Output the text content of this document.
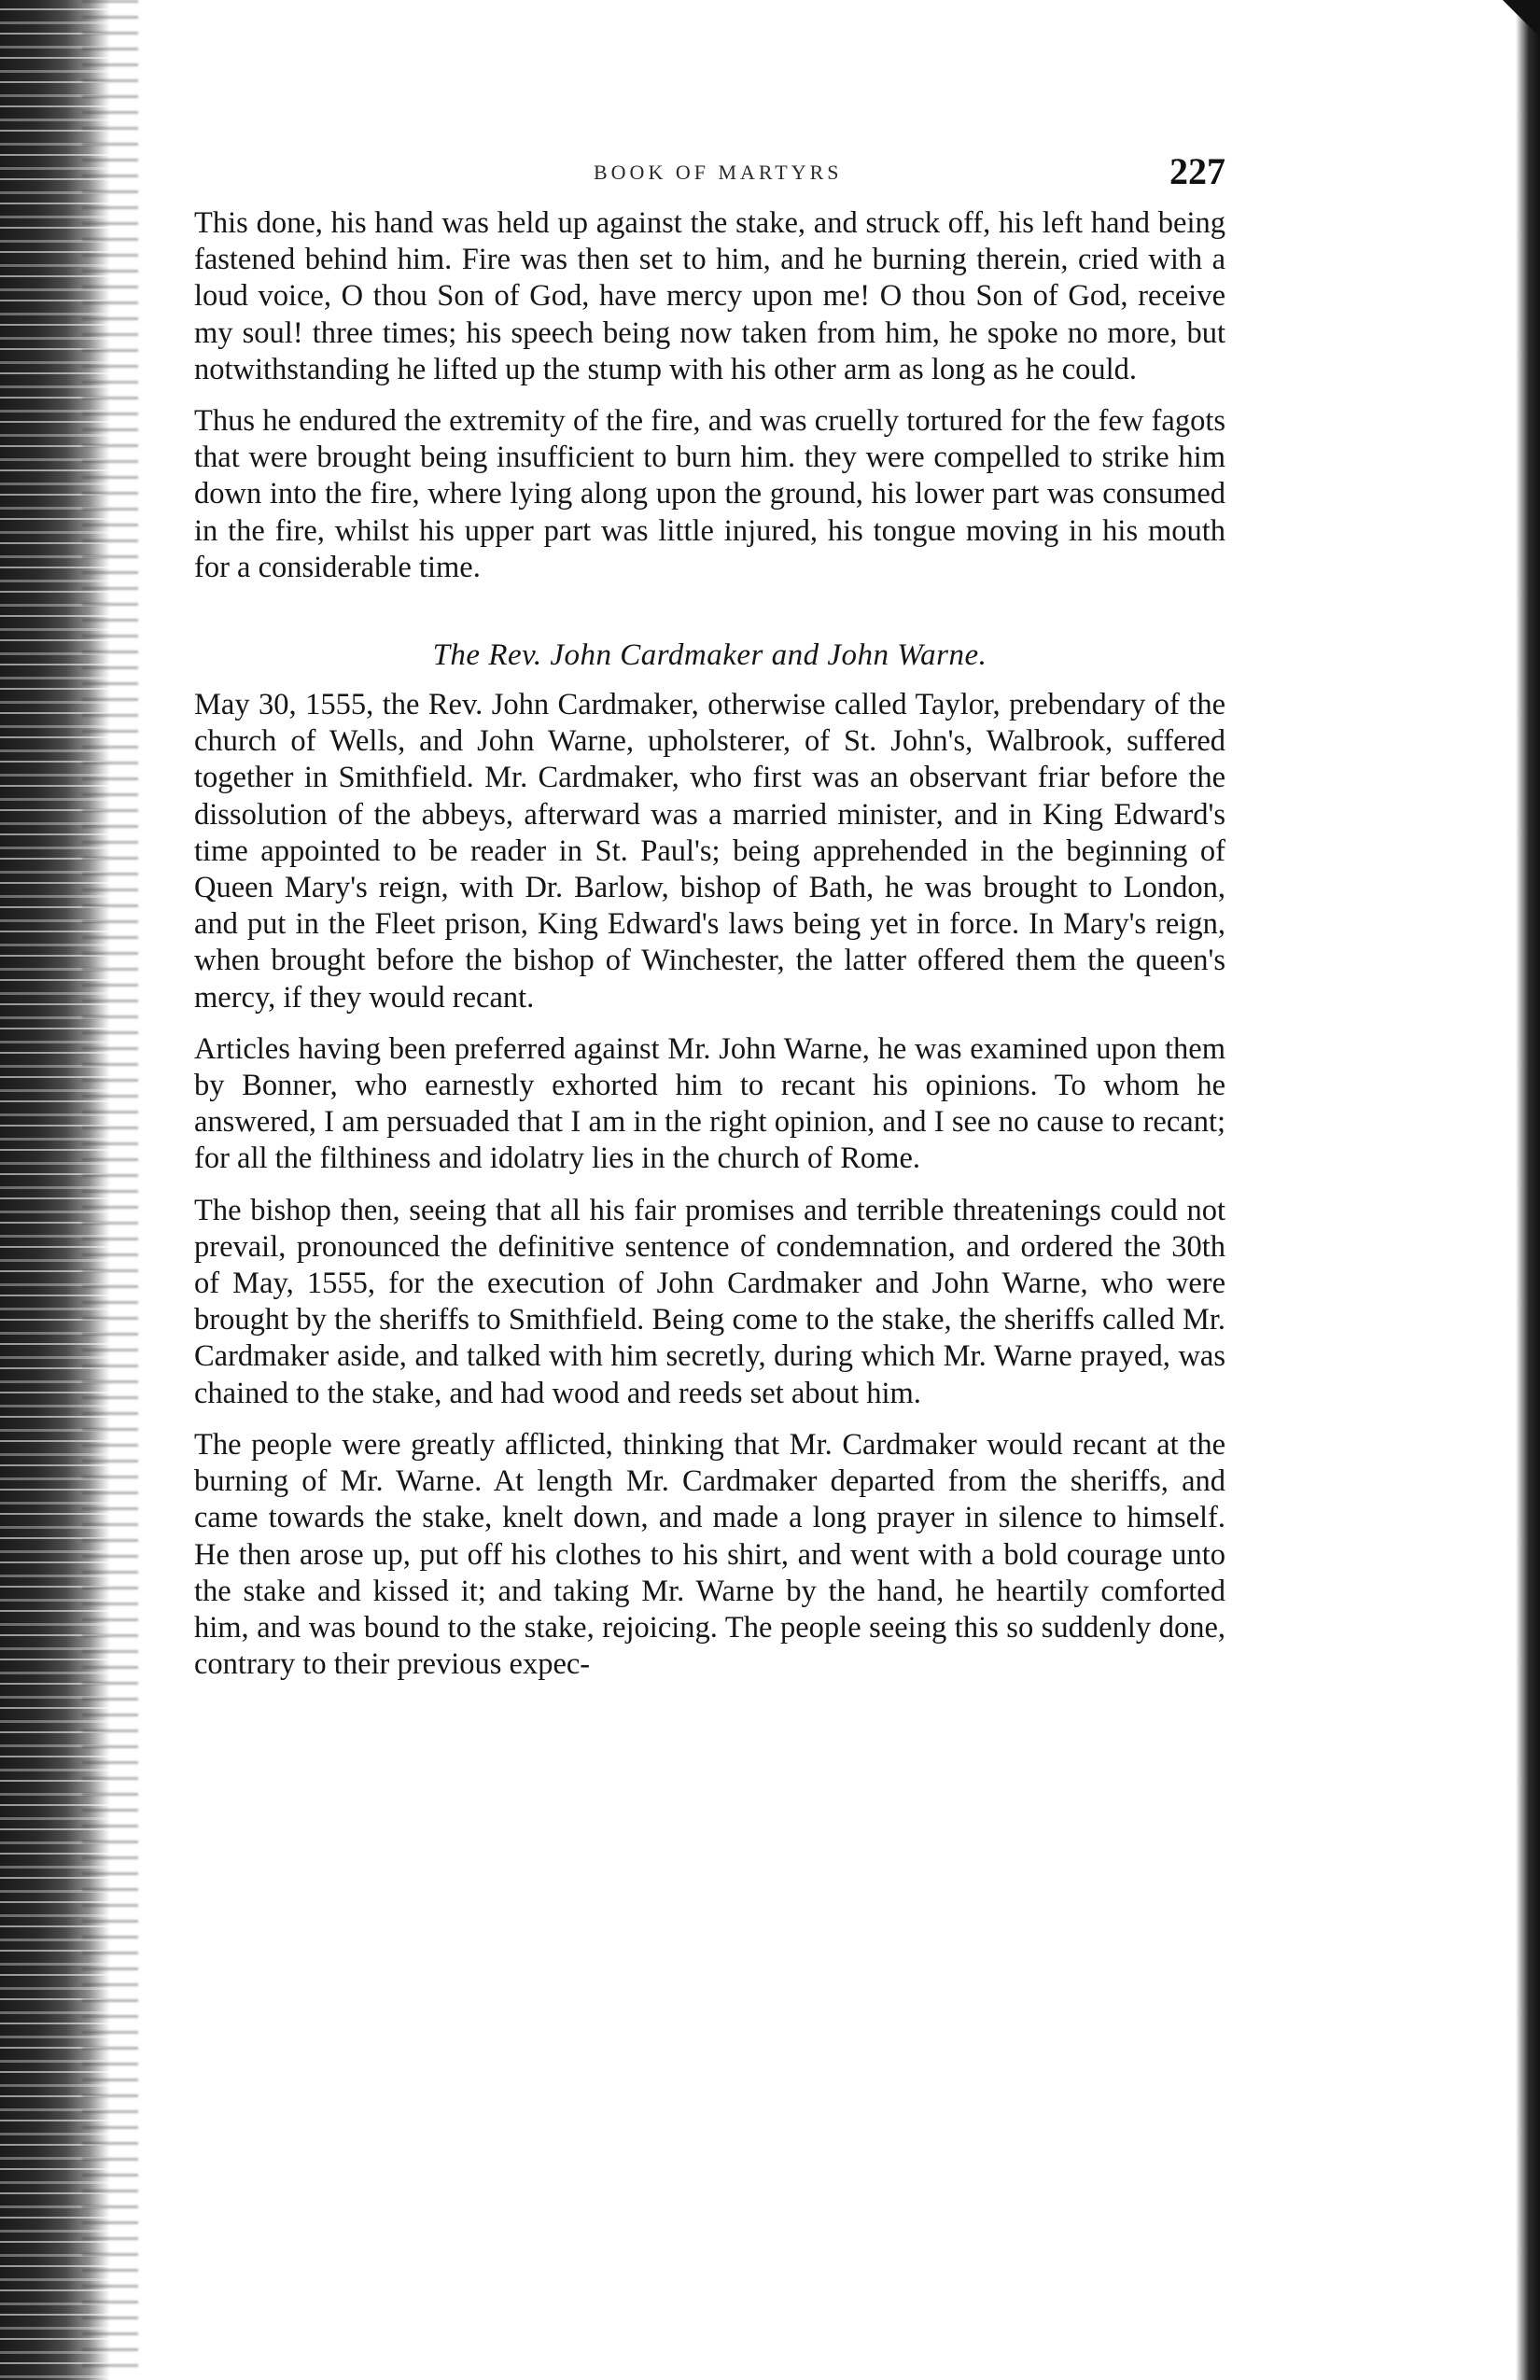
BOOK OF MARTYRS	227

This done, his hand was held up against the stake, and struck off, his left hand being fastened behind him. Fire was then set to him, and he burning therein, cried with a loud voice, O thou Son of God, have mercy upon me! O thou Son of God, receive my soul! three times; his speech being now taken from him, he spoke no more, but notwithstanding he lifted up the stump with his other arm as long as he could.

Thus he endured the extremity of the fire, and was cruelly tortured for the few fagots that were brought being insufficient to burn him. they were compelled to strike him down into the fire, where lying along upon the ground, his lower part was consumed in the fire, whilst his upper part was little injured, his tongue moving in his mouth for a considerable time.

The Rev. John Cardmaker and John Warne.

May 30, 1555, the Rev. John Cardmaker, otherwise called Taylor, prebendary of the church of Wells, and John Warne, upholsterer, of St. John's, Walbrook, suffered together in Smithfield. Mr. Cardmaker, who first was an observant friar before the dissolution of the abbeys, afterward was a married minister, and in King Edward's time appointed to be reader in St. Paul's; being apprehended in the beginning of Queen Mary's reign, with Dr. Barlow, bishop of Bath, he was brought to London, and put in the Fleet prison, King Edward's laws being yet in force. In Mary's reign, when brought before the bishop of Winchester, the latter offered them the queen's mercy, if they would recant.

Articles having been preferred against Mr. John Warne, he was examined upon them by Bonner, who earnestly exhorted him to recant his opinions. To whom he answered, I am persuaded that I am in the right opinion, and I see no cause to recant; for all the filthiness and idolatry lies in the church of Rome.

The bishop then, seeing that all his fair promises and terrible threatenings could not prevail, pronounced the definitive sentence of condemnation, and ordered the 30th of May, 1555, for the execution of John Cardmaker and John Warne, who were brought by the sheriffs to Smithfield. Being come to the stake, the sheriffs called Mr. Cardmaker aside, and talked with him secretly, during which Mr. Warne prayed, was chained to the stake, and had wood and reeds set about him.

The people were greatly afflicted, thinking that Mr. Cardmaker would recant at the burning of Mr. Warne. At length Mr. Cardmaker departed from the sheriffs, and came towards the stake, knelt down, and made a long prayer in silence to himself. He then arose up, put off his clothes to his shirt, and went with a bold courage unto the stake and kissed it; and taking Mr. Warne by the hand, he heartily comforted him, and was bound to the stake, rejoicing. The people seeing this so suddenly done, contrary to their previous expec-
